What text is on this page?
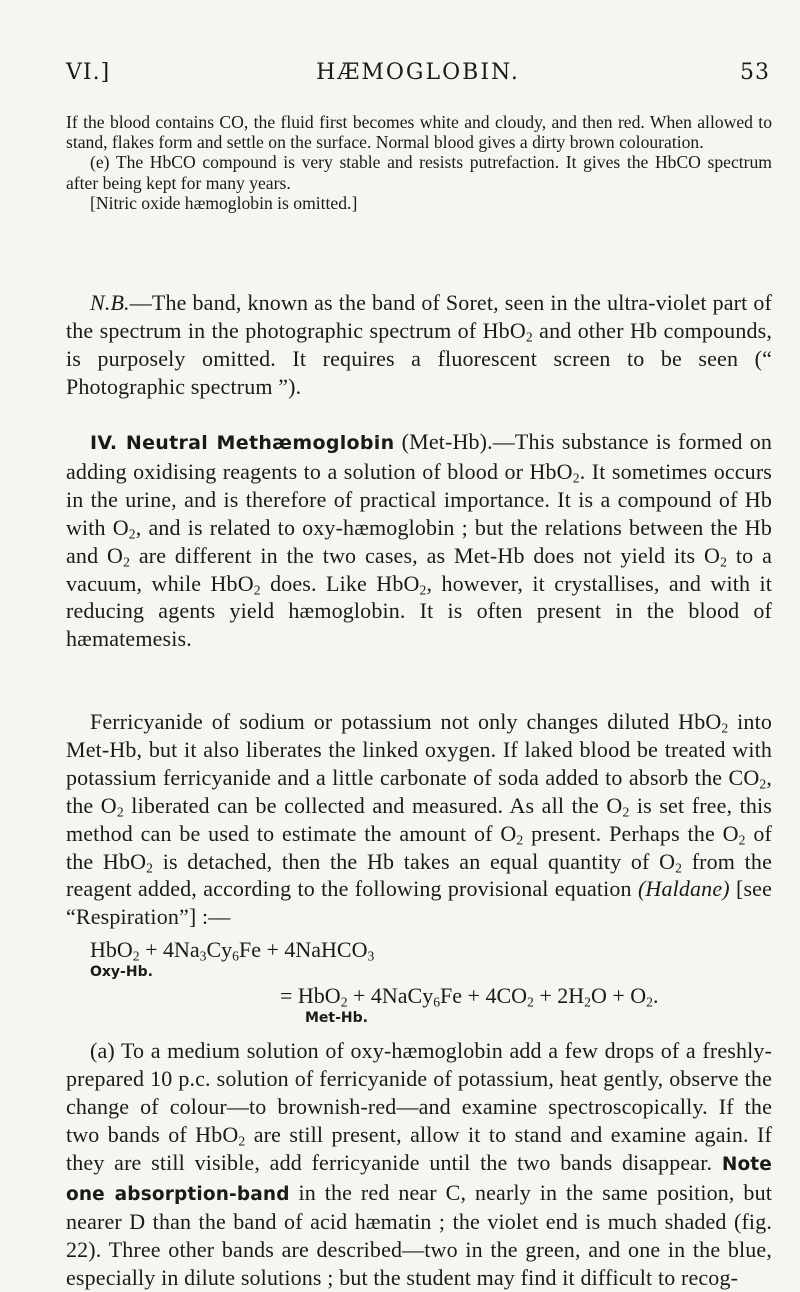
VI.]	HÆMOGLOBIN.	53
If the blood contains CO, the fluid first becomes white and cloudy, and then red. When allowed to stand, flakes form and settle on the surface. Normal blood gives a dirty brown colouration.
(e) The HbCO compound is very stable and resists putrefaction. It gives the HbCO spectrum after being kept for many years.
[Nitric oxide hæmoglobin is omitted.]
N.B.—The band, known as the band of Soret, seen in the ultra-violet part of the spectrum in the photographic spectrum of HbO$_2$ and other Hb compounds, is purposely omitted. It requires a fluorescent screen to be seen (“ Photographic spectrum ”).
IV. Neutral Methæmoglobin (Met-Hb).—This substance is formed on adding oxidising reagents to a solution of blood or HbO$_2$. It sometimes occurs in the urine, and is therefore of practical importance. It is a compound of Hb with $O_2$, and is related to oxy-hæmoglobin ; but the relations between the Hb and $O_2$ are different in the two cases, as Met-Hb does not yield its $O_2$ to a vacuum, while HbO$_2$ does. Like HbO$_2$, however, it crystallises, and with it reducing agents yield hæmoglobin. It is often present in the blood of hæmatemesis.
Ferricyanide of sodium or potassium not only changes diluted HbO$_2$ into Met-Hb, but it also liberates the linked oxygen. If laked blood be treated with potassium ferricyanide and a little carbonate of soda added to absorb the $CO_2$, the $O_2$ liberated can be collected and measured. As all the $O_2$ is set free, this method can be used to estimate the amount of $O_2$ present. Perhaps the $O_2$ of the HbO$_2$ is detached, then the Hb takes an equal quantity of $O_2$ from the reagent added, according to the following provisional equation (Haldane) [see “Respiration”] :—
$HbO_2 + 4Na_3Cy_6Fe$ + 4NaHCO$_3$
Oxy-Hb.
= HbO$_2$ + 4NaCy$_6$Fe + $4CO_2 + 2H_2O + O_2$.
Met-Hb.
(a) To a medium solution of oxy-hæmoglobin add a few drops of a freshly-prepared 10 p.c. solution of ferricyanide of potassium, heat gently, observe the change of colour—to brownish-red—and examine spectroscopically. If the two bands of HbO$_2$ are still present, allow it to stand and examine again. If they are still visible, add ferricyanide until the two bands disappear. Note one absorption-band in the red near C, nearly in the same position, but nearer D than the band of acid hæmatin ; the violet end is much shaded (fig. 22). Three other bands are described—two in the green, and one in the blue, especially in dilute solutions ; but the student may find it difficult to recog-
